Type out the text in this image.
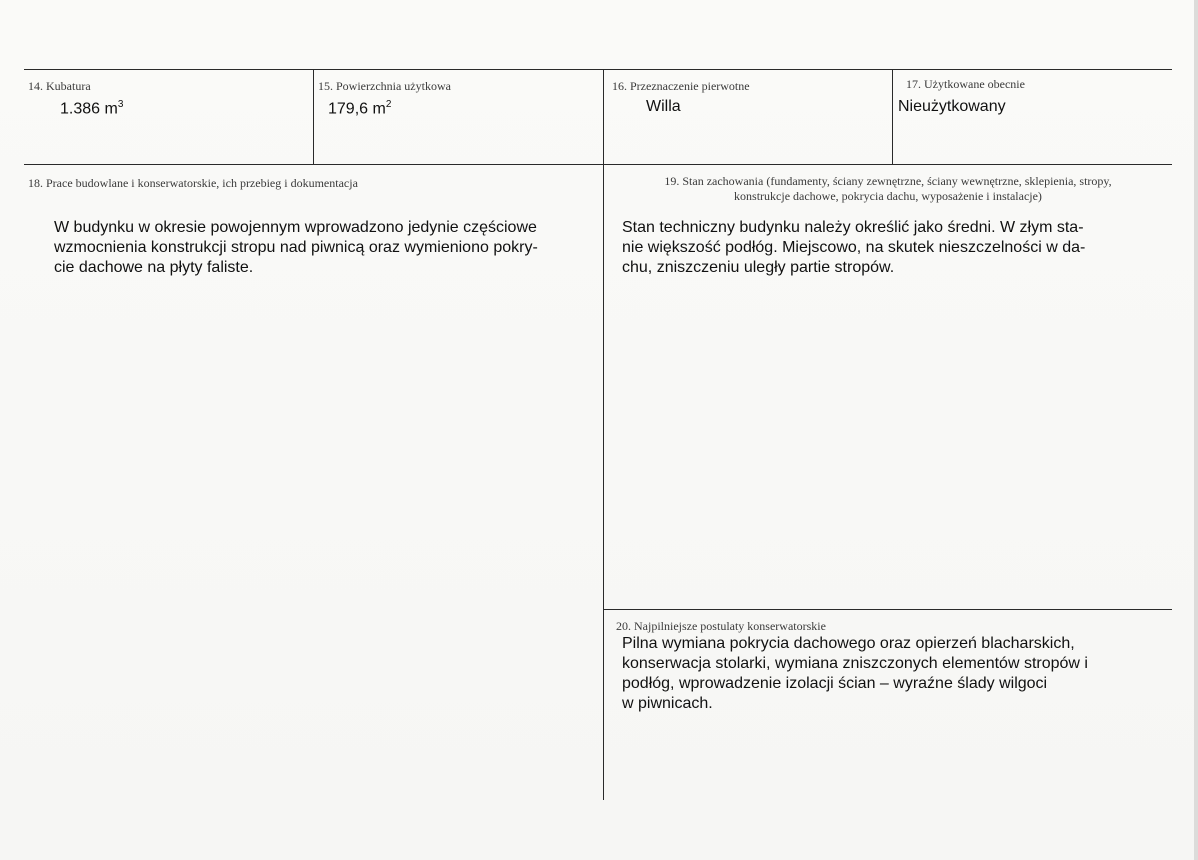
14. Kubatura
1.386 $m^3$
15. Powierzchnia użytkowa
179,6 $m^2$
16. Przeznaczenie pierwotne
Willa
17. Użytkowane obecnie
Nieużytkowany
18. Prace budowlane i konserwatorskie, ich przebieg i dokumentacja
W budynku w okresie powojennym wprowadzono jedynie częściowe
wzmocnienia konstrukcji stropu nad piwnicą oraz wymieniono pokry-
cie dachowe na płyty faliste.
19. Stan zachowania (fundamenty, ściany zewnętrzne, ściany wewnętrzne, sklepienia, stropy,
konstrukcje dachowe, pokrycia dachu, wyposażenie i instalacje)
Stan techniczny budynku należy określić jako średni. W złym sta-
nie większość podłóg. Miejscowo, na skutek nieszczelności w da-
chu, zniszczeniu uległy partie stropów.
20. Najpilniejsze postulaty konserwatorskie
Pilna wymiana pokrycia dachowego oraz opierzeń blacharskich,
konserwacja stolarki, wymiana zniszczonych elementów stropów i
podłóg, wprowadzenie izolacji ścian – wyraźne ślady wilgoci
w piwnicach.
